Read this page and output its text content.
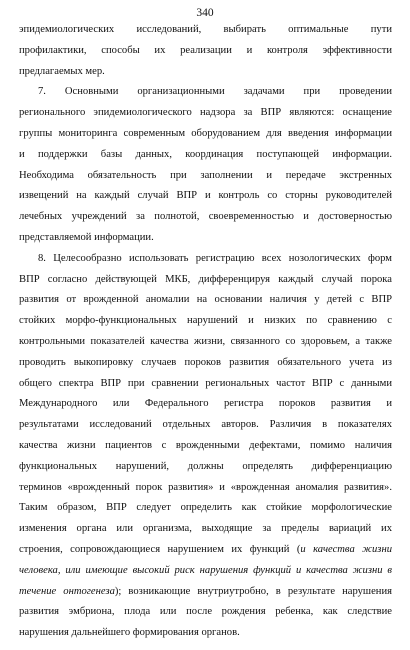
340
эпидемиологических исследований, выбирать оптимальные пути
профилактики, способы их реализации и контроля эффективности
предлагаемых мер.
7. Основными организационными задачами при проведении
регионального эпидемиологического надзора за ВПР являются: оснащение
группы мониторинга современным оборудованием для введения информации
и поддержки базы данных, координация поступающей информации.
Необходима обязательность при заполнении и передаче экстренных
извещений на каждый случай ВПР и контроль со сторны руководителей
лечебных учреждений за полнотой, своевременностью и достоверностью
представляемой информации.
8. Целесообразно использовать регистрацию всех нозологических форм
ВПР согласно действующей МКБ, дифференцируя каждый случай порока
развития от врожденной аномалии на основании наличия у детей с ВПР
стойких морфо-функциональных нарушений и низких по сравнению с
контрольными показателей качества жизни, связанного со здоровьем, а также
проводить выкопировку случаев пороков развития обязательного учета из
общего спектра ВПР при сравнении региональных частот ВПР с данными
Международного или Федерального регистра пороков развития и
результатами исследований отдельных авторов. Различия в показателях
качества жизни пациентов с врожденными дефектами, помимо наличия
функциональных нарушений, должны определять дифференциацию
терминов «врожденный порок развития» и «врожденная аномалия развития».
Таким образом, ВПР следует определить как стойкие морфологические
изменения органа или организма, выходящие за пределы вариаций их
строения, сопровождающиеся нарушением их функций (и качества жизни
человека, или имеющие высокий риск нарушения функций и качества жизни в
течение онтогенеза); возникающие внутриутробно, в результате нарушения
развития эмбриона, плода или после рождения ребенка, как следствие
нарушения дальнейшего формирования органов.
